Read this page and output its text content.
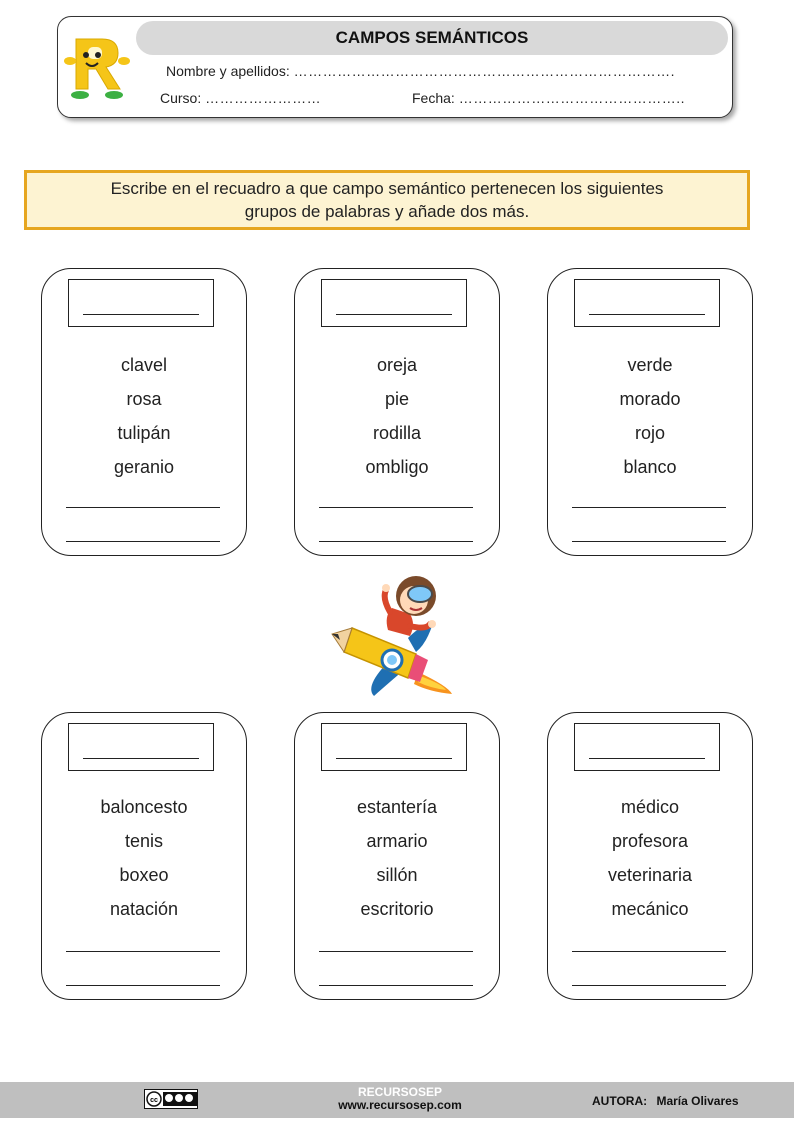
CAMPOS SEMÁNTICOS
Nombre y apellidos: …………………………………………………………………….
Curso: ……………………	Fecha: ………………………………………..
Escribe en el recuadro a que campo semántico pertenecen los siguientes
grupos de palabras y añade dos más.
clavel
rosa
tulipán
geranio
oreja
pie
rodilla
ombligo
verde
morado
rojo
blanco
baloncesto
tenis
boxeo
natación
estantería
armario
sillón
escritorio
médico
profesora
veterinaria
mecánico
cc
RECURSOSEP
www.recursosep.com	AUTORA: María Olivares
